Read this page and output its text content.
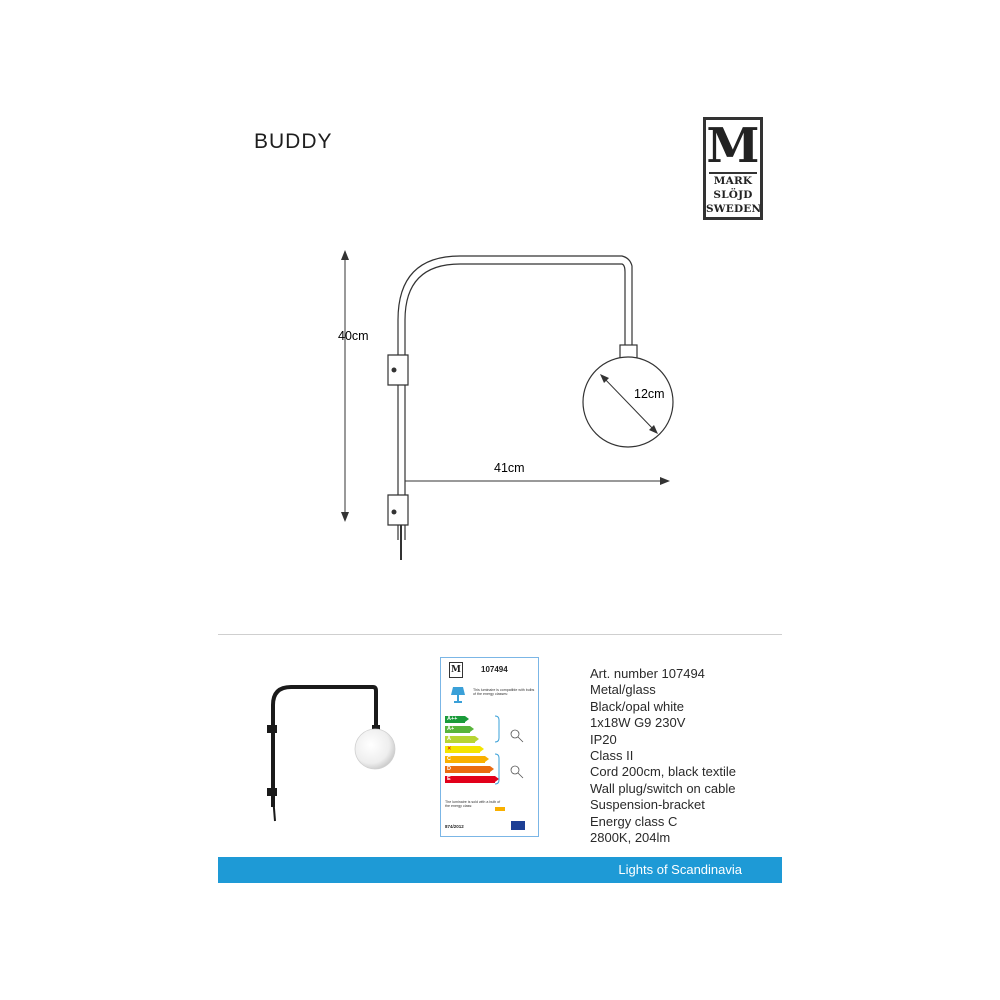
BUDDY	M
MARK
SLÖJD
SWEDEN
40cm
12cm
41cm
M	107494
This luminaire is compatible with bulbs of the energy classes:
A++
A+
A
✕
C
D
E
The luminaire is sold with a bulb of the energy class:
874/2012
Art. number 107494
Metal/glass
Black/opal white
1x18W G9 230V
IP20
Class II
Cord 200cm, black textile
Wall plug/switch on cable
Suspension-bracket
Energy class C
2800K, 204lm
Lights of Scandinavia
